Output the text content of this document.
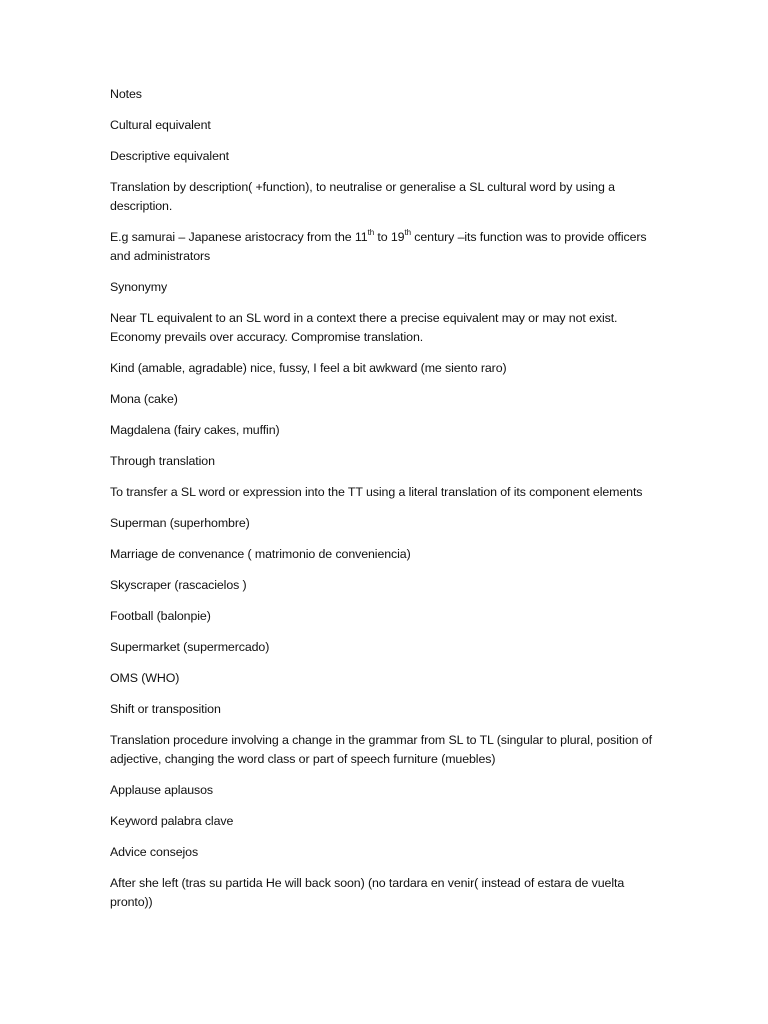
Notes

Cultural equivalent

Descriptive equivalent

Translation by description( +function), to neutralise or generalise a SL cultural word by using a description.

E.g samurai – Japanese aristocracy from the 11th to 19th century –its function was to provide officers and administrators

Synonymy

Near TL equivalent to an SL word in a context there a precise equivalent may or may not exist. Economy prevails over accuracy. Compromise translation.

Kind (amable, agradable) nice, fussy, I feel a bit awkward (me siento raro)

Mona (cake)

Magdalena (fairy cakes, muffin)

Through translation

To transfer a SL word or expression into the TT using a literal translation of its component elements

Superman (superhombre)

Marriage de convenance ( matrimonio de conveniencia)

Skyscraper (rascacielos )

Football (balonpie)

Supermarket (supermercado)

OMS (WHO)

Shift or transposition

Translation procedure involving a change in the grammar from SL to TL (singular to plural, position of adjective, changing the word class or part of speech furniture (muebles)

Applause aplausos

Keyword palabra clave

Advice consejos

After she left (tras su partida He will back soon) (no tardara en venir( instead of estara de vuelta pronto))
